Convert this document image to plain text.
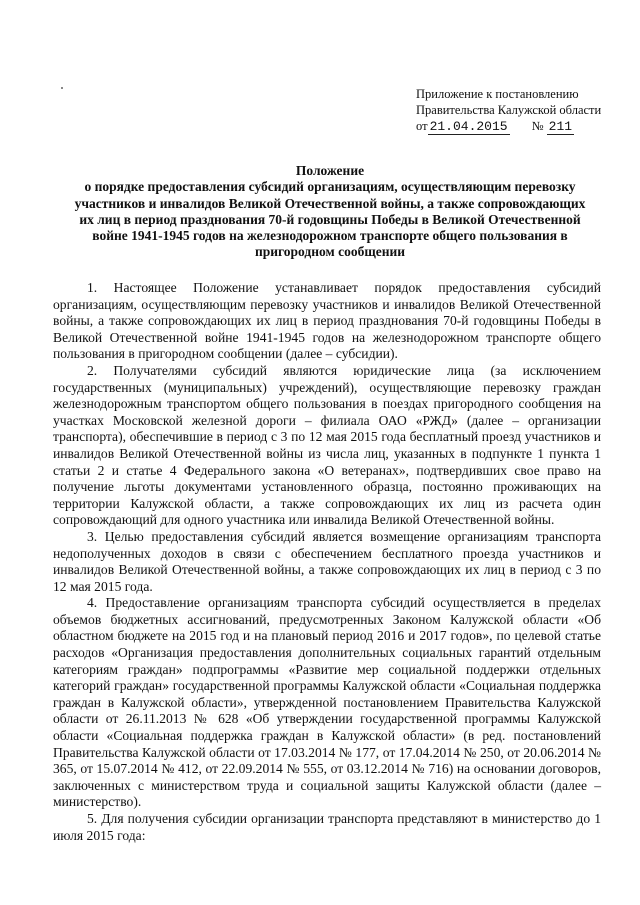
Приложение к постановлению
Правительства Калужской области
от 21.04.2015 № 211
Положение
о порядке предоставления субсидий организациям, осуществляющим перевозку
участников и инвалидов Великой Отечественной войны, а также сопровождающих
их лиц в период празднования 70-й годовщины Победы в Великой Отечественной
войне 1941-1945 годов на железнодорожном транспорте общего пользования в
пригородном сообщении

1. Настоящее Положение устанавливает порядок предоставления субсидий организациям, осуществляющим перевозку участников и инвалидов Великой Отечественной войны, а также сопровождающих их лиц в период празднования 70-й годовщины Победы в Великой Отечественной войне 1941-1945 годов на железнодорожном транспорте общего пользования в пригородном сообщении (далее – субсидии).

2. Получателями субсидий являются юридические лица (за исключением государственных (муниципальных) учреждений), осуществляющие перевозку граждан железнодорожным транспортом общего пользования в поездах пригородного сообщения на участках Московской железной дороги – филиала ОАО «РЖД» (далее – организации транспорта), обеспечившие в период с 3 по 12 мая 2015 года бесплатный проезд участников и инвалидов Великой Отечественной войны из числа лиц, указанных в подпункте 1 пункта 1 статьи 2 и статье 4 Федерального закона «О ветеранах», подтвердивших свое право на получение льготы документами установленного образца, постоянно проживающих на территории Калужской области, а также сопровождающих их лиц из расчета один сопровождающий для одного участника или инвалида Великой Отечественной войны.

3. Целью предоставления субсидий является возмещение организациям транспорта недополученных доходов в связи с обеспечением бесплатного проезда участников и инвалидов Великой Отечественной войны, а также сопровождающих их лиц в период с 3 по 12 мая 2015 года.

4. Предоставление организациям транспорта субсидий осуществляется в пределах объемов бюджетных ассигнований, предусмотренных Законом Калужской области «Об областном бюджете на 2015 год и на плановый период 2016 и 2017 годов», по целевой статье расходов «Организация предоставления дополнительных социальных гарантий отдельным категориям граждан» подпрограммы «Развитие мер социальной поддержки отдельных категорий граждан» государственной программы Калужской области «Социальная поддержка граждан в Калужской области», утвержденной постановлением Правительства Калужской области от 26.11.2013 № 628 «Об утверждении государственной программы Калужской области «Социальная поддержка граждан в Калужской области» (в ред. постановлений Правительства Калужской области от 17.03.2014 № 177, от 17.04.2014 № 250, от 20.06.2014 № 365, от 15.07.2014 № 412, от 22.09.2014 № 555, от 03.12.2014 № 716) на основании договоров, заключенных с министерством труда и социальной защиты Калужской области (далее – министерство).

5. Для получения субсидии организации транспорта представляют в министерство до 1 июля 2015 года:
